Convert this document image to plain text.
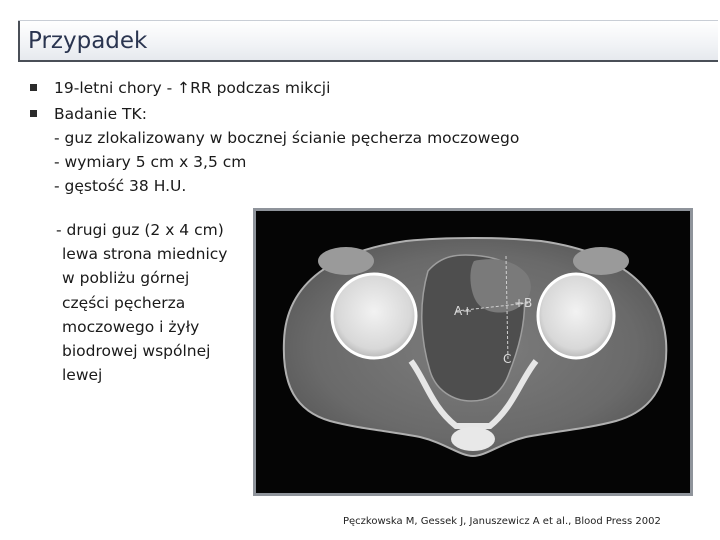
Przypadek
19-letni chory - ↑RR podczas mikcji
Badanie TK:
- guz zlokalizowany w bocznej ścianie pęcherza moczowego
- wymiary 5 cm x 3,5 cm
- gęstość 38 H.U.
- drugi guz (2 x 4 cm)
lewa strona miednicy
w pobliżu górnej
części pęcherza
moczowego i żyły
biodrowej wspólnej
lewej
A+
+B
C
Pęczkowska M, Gessek J, Januszewicz A et al., Blood Press 2002
